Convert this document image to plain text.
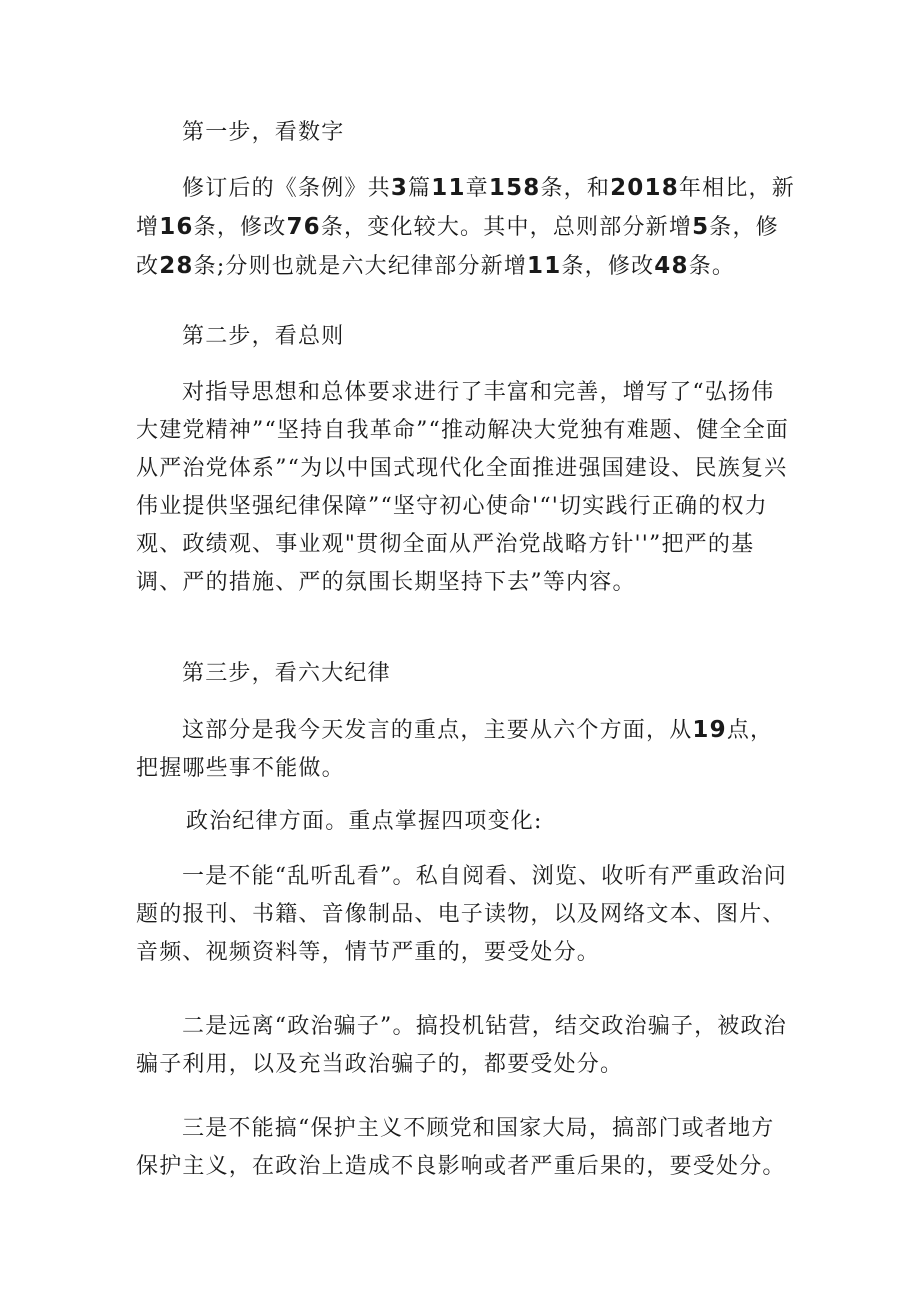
第一步，看数字

修订后的《条例》共3篇11章158条，和2018年相比，新增16条，修改76条，变化较大。其中，总则部分新增5条，修改28条;分则也就是六大纪律部分新增11条，修改48条。

第二步，看总则

对指导思想和总体要求进行了丰富和完善，增写了“弘扬伟大建党精神”“坚持自我革命”“推动解决大党独有难题、健全全面从严治党体系”“为以中国式现代化全面推进强国建设、民族复兴伟业提供坚强纪律保障”“坚守初心使命'“'切实践行正确的权力观、政绩观、事业观"贯彻全面从严治党战略方针''”把严的基调、严的措施、严的氛围长期坚持下去”等内容。

第三步，看六大纪律

这部分是我今天发言的重点，主要从六个方面，从19点，把握哪些事不能做。

政治纪律方面。重点掌握四项变化:

一是不能“乱听乱看”。私自阅看、浏览、收听有严重政治问题的报刊、书籍、音像制品、电子读物，以及网络文本、图片、音频、视频资料等，情节严重的，要受处分。

二是远离“政治骗子”。搞投机钻营，结交政治骗子，被政治骗子利用，以及充当政治骗子的，都要受处分。

三是不能搞“保护主义不顾党和国家大局，搞部门或者地方保护主义，在政治上造成不良影响或者严重后果的，要受处分。
